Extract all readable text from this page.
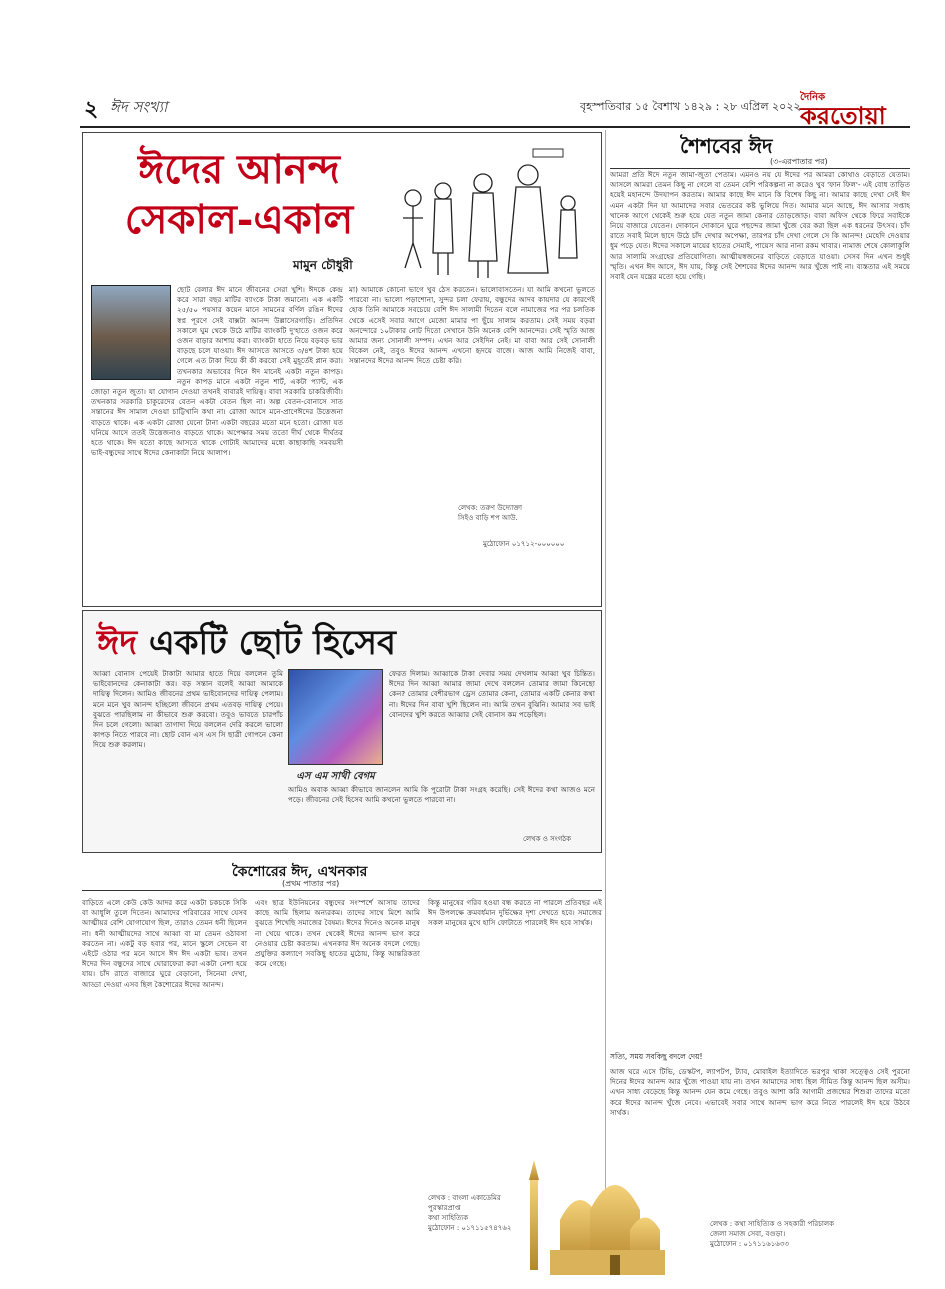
২ ঈদ সংখ্যা	বৃহস্পতিবার ১৫ বৈশাখ ১৪২৯ : ২৮ এপ্রিল ২০২২
দৈনিক
করতোয়া
ঈদের আনন্দ
সেকাল-একাল
মামুন চৌধুরী
ছোট বেলার ঈদ মানে জীবনের সেরা খুশি। ঈদকে কেন্দ্র করে সারা বছর মাটির ব্যাংকে টাকা জমানো। এক একটি ২৫/৫০ পয়সার কয়েন মানে সামনের বর্ণিল রঙিন ঈদের স্বপ্ন পূরণে সেই বাক্সটা আনন্দ উল্লাসেরগাড়ি। প্রতিদিন সকালে ঘুম থেকে উঠে মাটির ব্যাংকটি দু'হাতে ওজন করে ওজন বাড়ার আশায় করা। ব্যাংকটা হাতে নিয়ে বড়বড় ভার বাড়ছে চলে যাওয়া। ঈদ আসতে আসতে ৩/৪শ টাকা হয়ে গেলে এত টাকা দিয়ে কী কী করবো সেই মুহূর্তেই প্লান করা। তখনকার অভাবের দিনে ঈদ মানেই একটা নতুন কাপড়। নতুন কাপড় মানে একটা নতুন শার্ট, একটা প্যান্ট, এক জোড়া নতুন জুতা। যা যোগান দেওয়া তখনই বাবারই দায়িত্ব। বাবা সরকারি চাকরিজীবী। তখনকার সরকারি চাকুরেদের বেতন একটা বেতন ছিল না। অল্প বেতন-বোনাসে সাত সন্তানের ঈদ সামাল দেওয়া চাট্টিখানি কথা না। রোজা আসে মনে-প্রাণেঈদের উত্তেজনা বাড়তে থাকে। এক একটা রোজা যেনো টানা একটা বছরের মতো মনে হতো। রোজা যত ঘনিয়ে আসে ততই উত্তেজনাও বাড়তে থাকে। অপেক্ষার সময় ততো দীর্ঘ থেকে দীর্ঘতর হতে থাকে। ঈদ যতো কাছে আসতে থাকে গোটাই আমাদের মধ্যে কাছাকাছি সমবয়সী ভাই-বন্ধুদের সাথে ঈদের কেনাকাটা নিয়ে আলাপ।
মা) আমাকে কোনো ভাগে খুব ঠেস করতেন। ভালোবাসতেন। যা আমি কখনো ভুলতে পারবো না। ভালো পড়াশোনা, সুন্দর চলা ফেরায়, বন্ধুদের আদব কায়দার যে কারণেই হোক তিনি আমাকে সবচেয়ে বেশি ঈদ সালামী দিতেন বলে নামাজের পর পর চলতিক থেকে এসেই সবার আগে মেজো মামার পা ছুঁয়ে সালাম করতাম। সেই সময় বড়রা অনন্দোরে ১০টাকার নোট দিতো সেখানে উনি অনেক বেশি আনন্দের। সেই স্মৃতি আজ আমার জন্য সোনালী সম্পদ। এখন আর সেইদিন নেই। মা বাবা আর সেই সোনালী বিকেল নেই, তবুও ঈদের আনন্দ এখনো হৃদয়ে বাজে। আজ আমি নিজেই বাবা, সন্তানদের ঈদের আনন্দ দিতে চেষ্টা করি।
লেখক: তরুণ উদ্যোক্তা
সিইও বাড়ি শপ আউ.
মুঠোফোন ০১৭১২-০০০০০০
ঈদ একটি ছোট হিসেব
আব্বা বোনাস পেয়েই টাকাটা আমার হাতে দিয়ে বললেন তুমি ভাইবোনদের কেনাকাটা কর। বড় সন্তান বলেই আব্বা আমাকে দায়িত্ব দিলেন। আমিও জীবনের প্রথম ভাইবোনদের দায়িত্ব পেলাম। মনে মনে খুব আনন্দ হচ্ছিলো জীবনে প্রথম এতবড় দায়িত্ব পেয়ে। বুঝতে পারছিলাম না কীভাবে শুরু করবো। তবুও ভাবতে চারপাঁচ দিন চলে গেলো। আব্বা তাগাদা দিয়ে বললেন দেরি করলে ভালো কাপড় নিতে পারবে না। ছোট বোন এস এস সি ছাত্রী গোপনে কেনা দিয়ে শুরু করলাম।
এস এম সাথী বেগম
ফেরত দিলাম। আব্বাকে টাকা দেবার সময় দেখলাম আব্বা খুব চিন্তিত। ঈদের দিন আব্বা আমার জামা দেখে বললেন তোমার জামা কিনেছো কেন? তোমার বেশীরভাগ ড্রেস তোমার কেনা, তোমার একটি কেনার কথা না। ঈদের দিন বাবা খুশি ছিলেন না। আমি তখন বুঝিনি। আমার সব ভাই বোনদের খুশি করতে আব্বার সেই বোনাস কম পড়েছিল।
আমিও অবাক আব্বা কীভাবে জানলেন আমি কি পুরোটা টাকা সংগ্রহ করেছি। সেই ঈদের কথা আজও মনে পড়ে। জীবনের সেই হিসেব আমি কখনো ভুলতে পারবো না।
লেখক ও সংগঠক
শৈশবের ঈদ
(৩-এরপাতার পর)
আমরা প্রতি ঈদে নতুন জামা-জুতা পেতাম। এমনও নয় যে ঈদের পর আমরা কোথাও বেড়াতে যেতাম। আসলে আমরা তেমন কিছু না গেলে বা তেমন বেশি পরিকল্পনা না করেও খুব 'ফান ফিল'- এই বোধ তাড়িত হয়েই মহানন্দে উদযাপন করতাম। আমার কাছে ঈদ মানে কি বিশেষ কিছু না। আমার কাছে দেখা সেই ঈদ এমন একটা দিন যা আমাদের সবার ভেতরের কষ্ট ভুলিয়ে দিত। আমার মনে আছে, ঈদ আসার সপ্তাহ খানেক আগে থেকেই শুরু হয়ে যেত নতুন জামা কেনার তোড়জোড়। বাবা অফিস থেকে ফিরে সবাইকে নিয়ে বাজারে যেতেন। দোকানে দোকানে ঘুরে পছন্দের জামা খুঁজে বের করা ছিল এক ধরনের উৎসব। চাঁদ রাতে সবাই মিলে ছাদে উঠে চাঁদ দেখার অপেক্ষা, তারপর চাঁদ দেখা গেলে সে কি আনন্দ! মেহেদি দেওয়ার ধুম পড়ে যেত। ঈদের সকালে মায়ের হাতের সেমাই, পায়েস আর নানা রকম খাবার। নামাজ শেষে কোলাকুলি আর সালামি সংগ্রহের প্রতিযোগিতা। আত্মীয়স্বজনের বাড়িতে বেড়াতে যাওয়া। সেসব দিন এখন শুধুই স্মৃতি। এখন ঈদ আসে, ঈদ যায়, কিন্তু সেই শৈশবের ঈদের আনন্দ আর খুঁজে পাই না। ব্যস্ততার এই সময়ে সবাই যেন যন্ত্রের মতো হয়ে গেছি।
সত্যি, সময় সবকিছু বদলে দেয়!
আজ ঘরে এসে টিভি, ডেস্কটপ, ল্যাপটপ, ট্যাব, মোবাইল ইত্যাদিতে ভরপুর থাকা সত্ত্বেও সেই পুরনো দিনের ঈদের আনন্দ আর খুঁজে পাওয়া যায় না। তখন আমাদের সাধ্য ছিল সীমিত কিন্তু আনন্দ ছিল অসীম। এখন সাধ্য বেড়েছে কিন্তু আনন্দ যেন কমে গেছে। তবুও আশা করি আগামী প্রজন্মের শিশুরা তাদের মতো করে ঈদের আনন্দ খুঁজে নেবে। এভাবেই সবার সাথে আনন্দ ভাগ করে নিতে পারলেই ঈদ হয়ে উঠবে সার্থক।
লেখক : কথা সাহিত্যিক ও সহকারী পরিচালক
জেলা সমাজ সেবা, বগুড়া।
মুঠোফোন : ০১৭১১৬১৬৩৩
কৈশোরের ঈদ, এখনকার
(প্রথম পাতার পর)
বাড়িতে এলে কেউ কেউ আদর করে একটা চকচকে সিকি বা আধুলি তুলে দিতেন। আমাদের পরিবারের সাথে যেসব আত্মীয়র বেশি যোগাযোগ ছিল, তারাও তেমন ধনী ছিলেন না। ধনী আত্মীয়দের সাথে আব্বা বা মা তেমন ওঠাবসা করতেন না। একটু বড় হবার পর, মানে স্কুলে সেভেন বা এইটে ওঠার পর মনে আসে ঈদ ঈদ একটা ভাব। তখন ঈদের দিন বন্ধুদের সাথে ঘোরাফেরা করা একটা নেশা হয়ে যায়। চাঁদ রাতে বাজারে ঘুরে বেড়ানো, সিনেমা দেখা, আড্ডা দেওয়া এসব ছিল কৈশোরের ঈদের আনন্দ।
এবং ছাত্র ইউনিয়নের বন্ধুদের সংস্পর্শে আসায় তাদের কাছে আমি ছিলাম অন্যরকম। তাদের সাথে মিশে আমি বুঝতে শিখেছি সমাজের বৈষম্য। ঈদের দিনেও অনেক মানুষ না খেয়ে থাকে। তখন থেকেই ঈদের আনন্দ ভাগ করে নেওয়ার চেষ্টা করতাম। এখনকার ঈদ অনেক বদলে গেছে। প্রযুক্তির কল্যাণে সবকিছু হাতের মুঠোয়, কিন্তু আন্তরিকতা কমে গেছে।
কিন্তু মানুষের গরিব হওয়া বন্ধ করতে না পারলে প্রতিবছর এই ঈদ উপলক্ষে ক্রমবর্ধমান দুর্ভিক্ষের দৃশ্য দেখতে হবে। সমাজের সকল মানুষের মুখে হাসি ফোটাতে পারলেই ঈদ হবে সার্থক।
লেখক : বাংলা একাডেমির
পুরস্কারপ্রাপ্ত
কথা সাহিত্যিক
মুঠোফোন : ০১৭১১৫৭৪৭৬২
